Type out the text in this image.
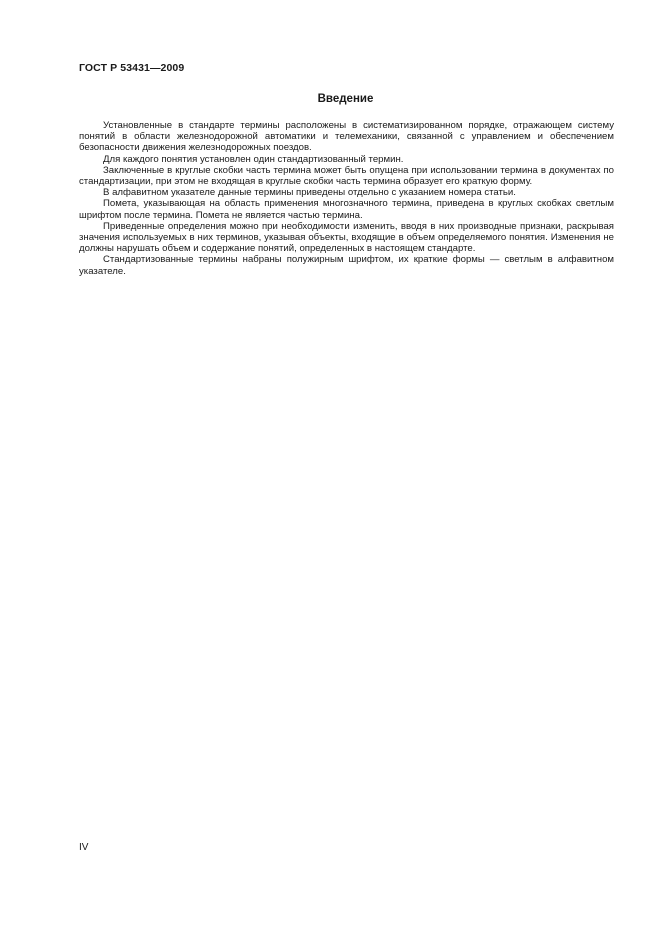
ГОСТ Р 53431—2009
Введение

Установленные в стандарте термины расположены в систематизированном порядке, отражающем систему понятий в области железнодорожной автоматики и телемеханики, связанной с управлением и обеспечением безопасности движения железнодорожных поездов.

Для каждого понятия установлен один стандартизованный термин.

Заключенные в круглые скобки часть термина может быть опущена при использовании термина в документах по стандартизации, при этом не входящая в круглые скобки часть термина образует его краткую форму.

В алфавитном указателе данные термины приведены отдельно с указанием номера статьи.

Помета, указывающая на область применения многозначного термина, приведена в круглых скобках светлым шрифтом после термина. Помета не является частью термина.

Приведенные определения можно при необходимости изменить, вводя в них производные признаки, раскрывая значения используемых в них терминов, указывая объекты, входящие в объем определяемого понятия. Изменения не должны нарушать объем и содержание понятий, определенных в настоящем стандарте.

Стандартизованные термины набраны полужирным шрифтом, их краткие формы — светлым в алфавитном указателе.

IV
